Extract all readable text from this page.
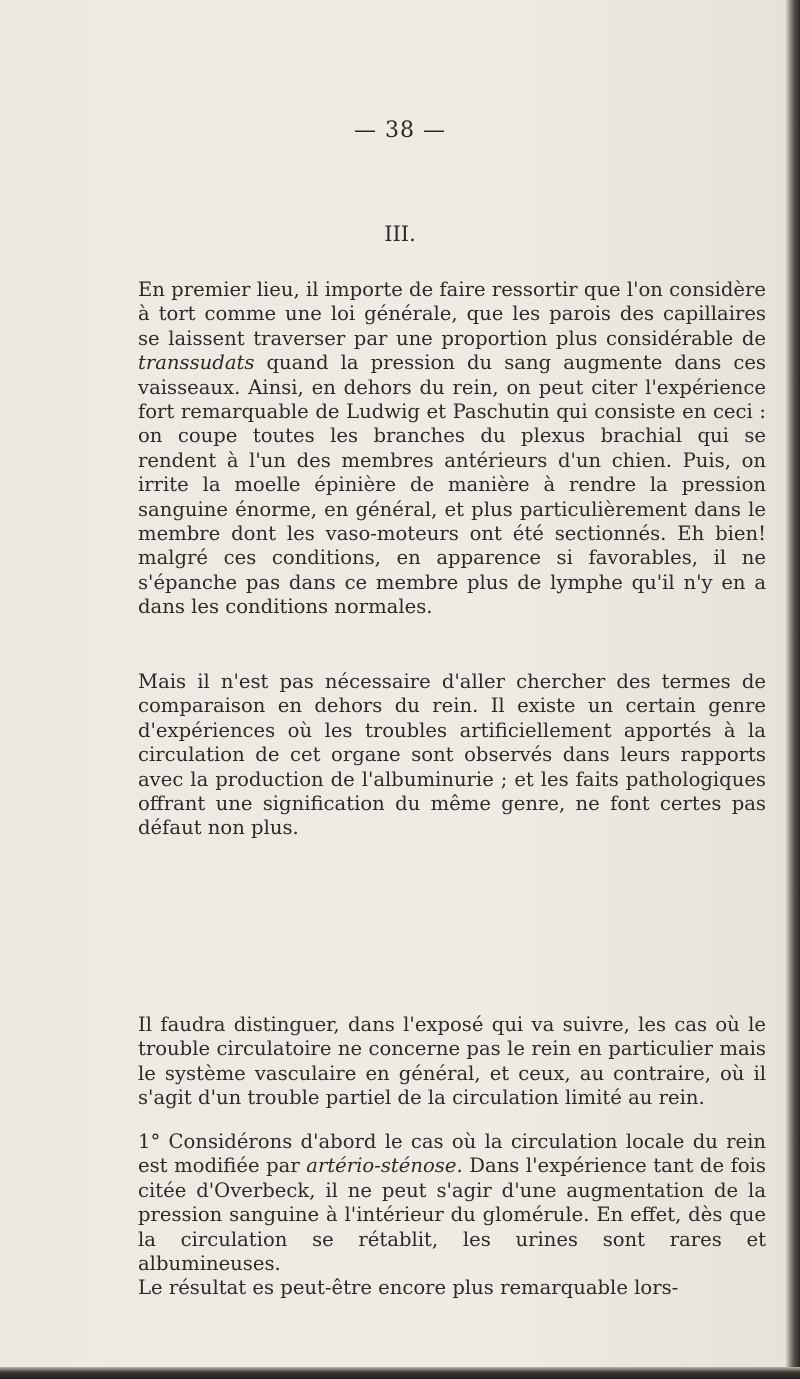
— 38 —
III.

En premier lieu, il importe de faire ressortir que l'on considère à tort comme une loi générale, que les parois des capillaires se laissent traverser par une proportion plus considérable de transsudats quand la pression du sang augmente dans ces vaisseaux. Ainsi, en dehors du rein, on peut citer l'expérience fort remarquable de Ludwig et Paschutin qui consiste en ceci : on coupe toutes les branches du plexus brachial qui se rendent à l'un des membres antérieurs d'un chien. Puis, on irrite la moelle épinière de manière à rendre la pression sanguine énorme, en général, et plus particulièrement dans le membre dont les vaso-moteurs ont été sectionnés. Eh bien! malgré ces conditions, en apparence si favorables, il ne s'épanche pas dans ce membre plus de lymphe qu'il n'y en a dans les conditions normales.

Mais il n'est pas nécessaire d'aller chercher des termes de comparaison en dehors du rein. Il existe un certain genre d'expériences où les troubles artificiellement apportés à la circulation de cet organe sont observés dans leurs rapports avec la production de l'albuminurie ; et les faits pathologiques offrant une signification du même genre, ne font certes pas défaut non plus.

Il faudra distinguer, dans l'exposé qui va suivre, les cas où le trouble circulatoire ne concerne pas le rein en particulier mais le système vasculaire en général, et ceux, au contraire, où il s'agit d'un trouble partiel de la circulation limité au rein.

1° Considérons d'abord le cas où la circulation locale du rein est modifiée par artério-sténose. Dans l'expérience tant de fois citée d'Overbeck, il ne peut s'agir d'une augmentation de la pression sanguine à l'intérieur du glomérule. En effet, dès que la circulation se rétablit, les urines sont rares et albumineuses.

Le résultat es peut-être encore plus remarquable lors-
